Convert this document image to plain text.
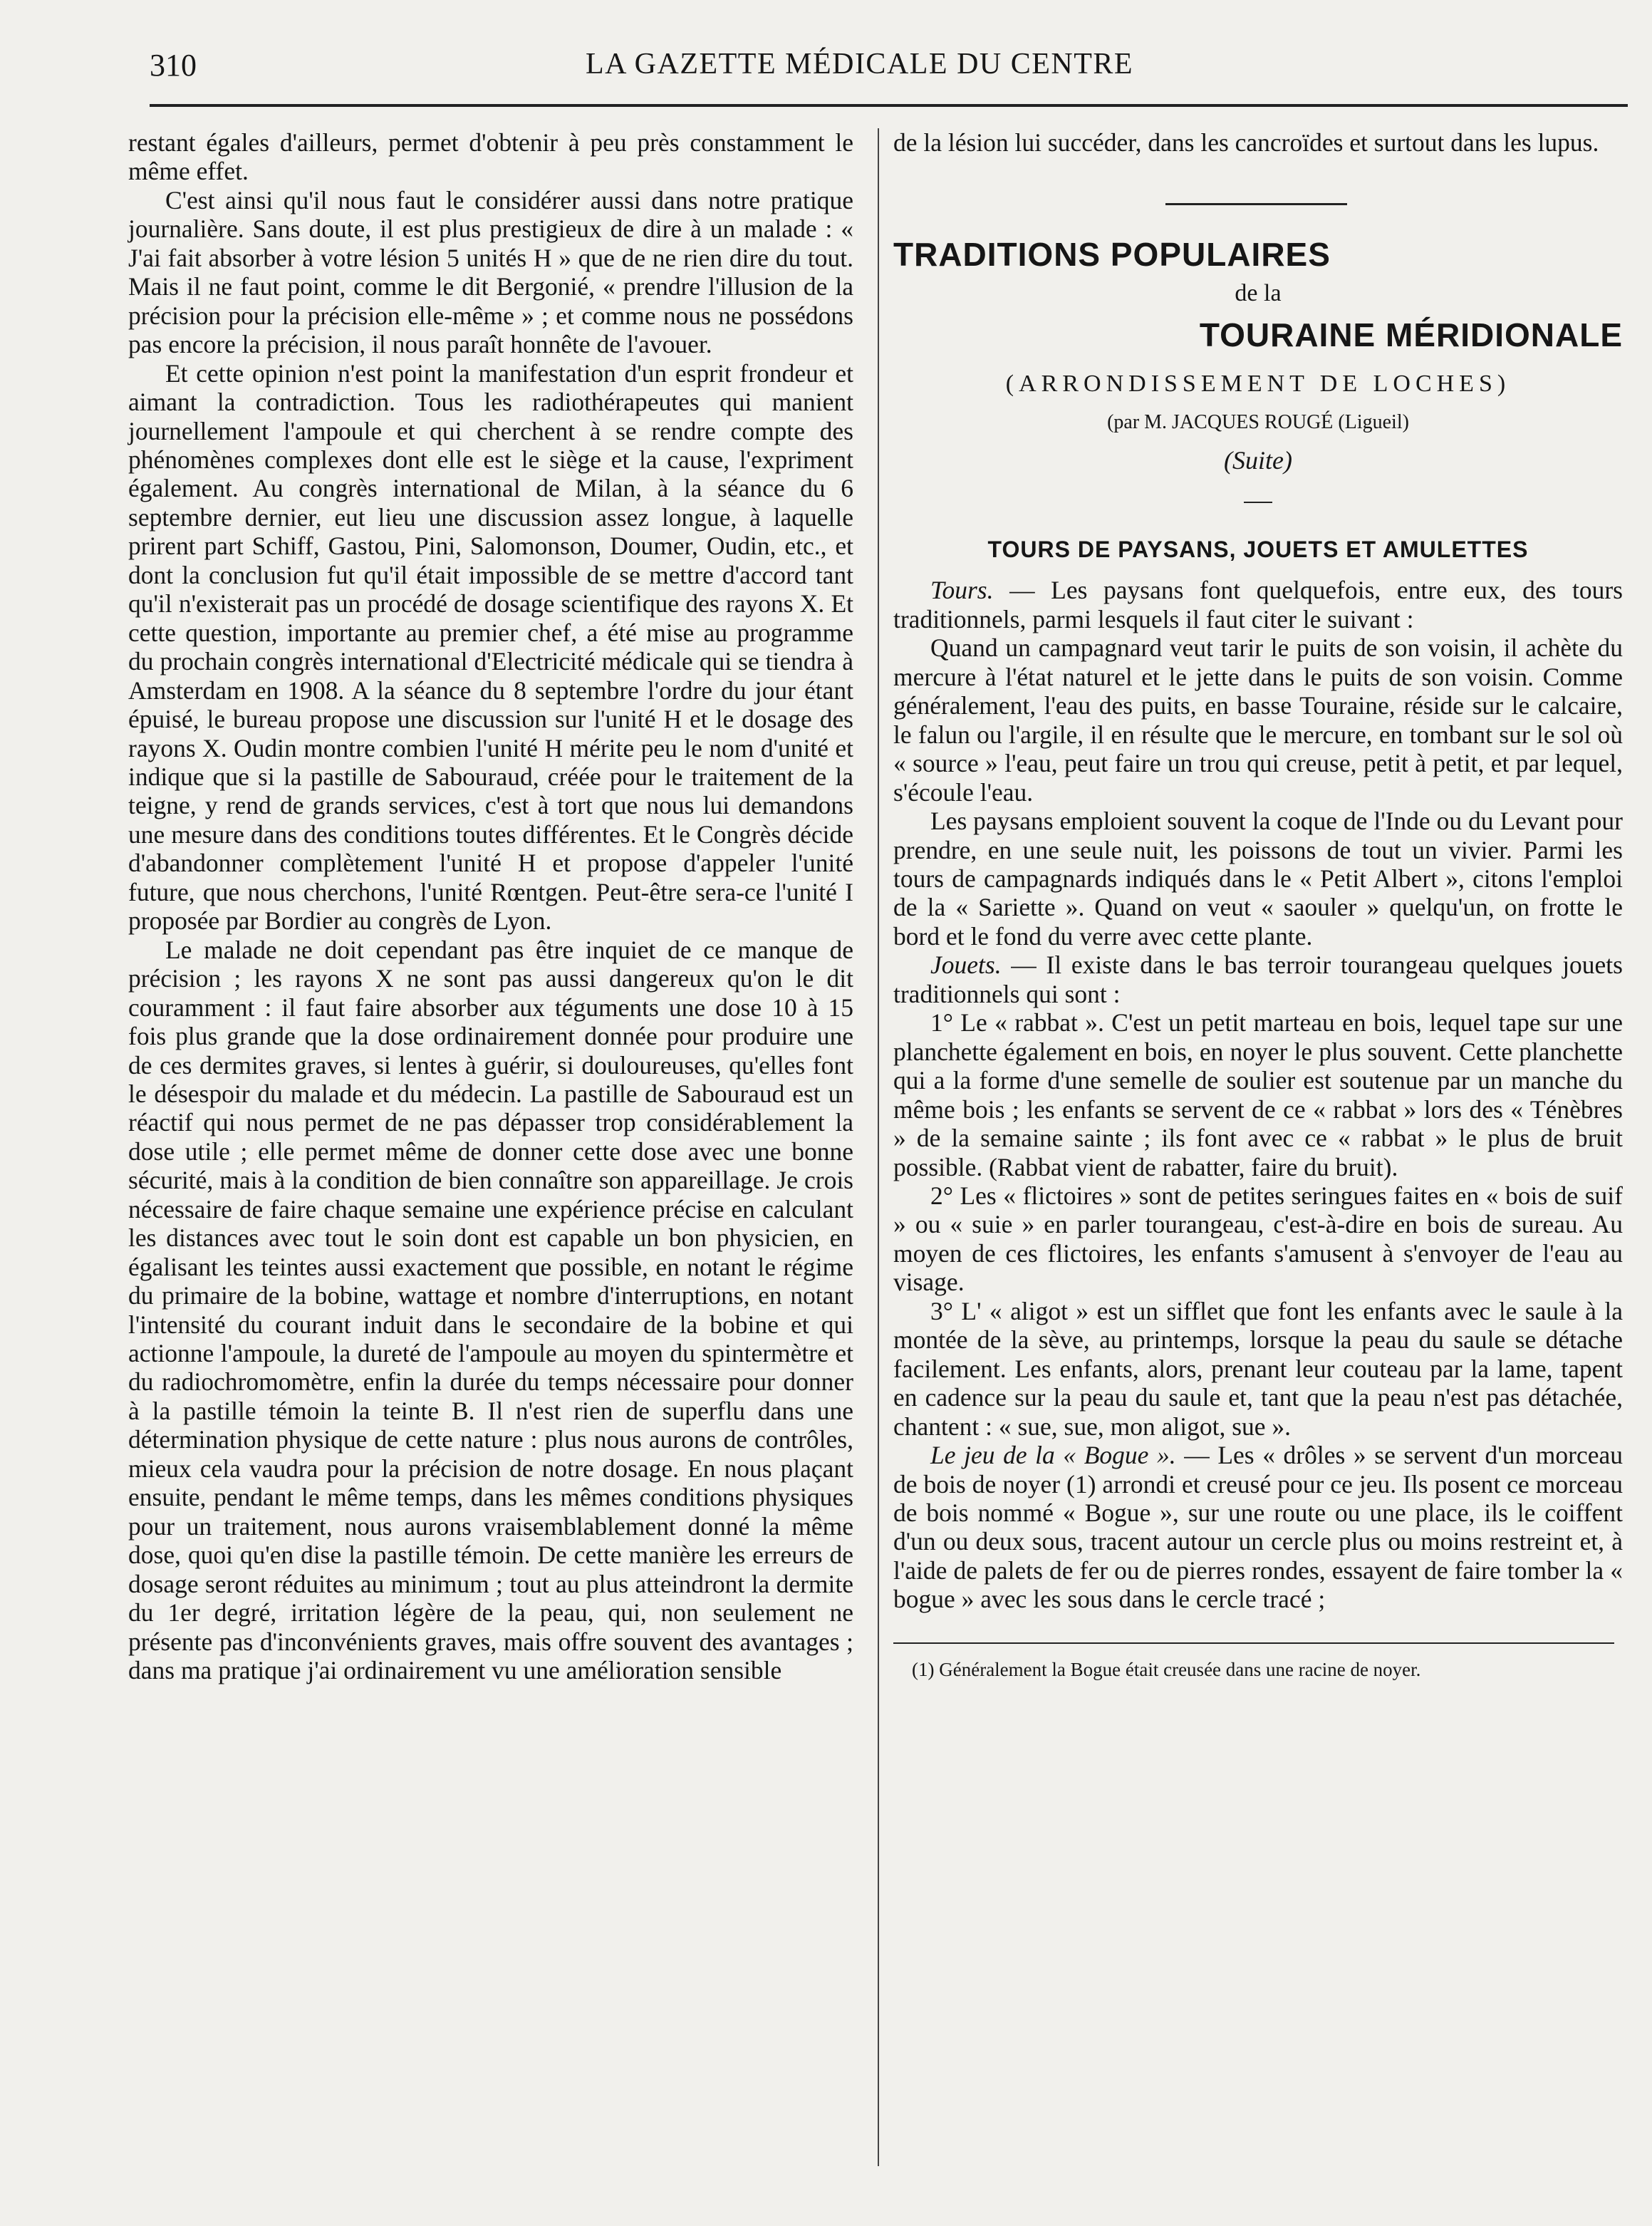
310	LA GAZETTE MÉDICALE DU CENTRE

restant égales d'ailleurs, permet d'obtenir à peu près constamment le même effet.

C'est ainsi qu'il nous faut le considérer aussi dans notre pratique journalière. Sans doute, il est plus prestigieux de dire à un malade : « J'ai fait absorber à votre lésion 5 unités H » que de ne rien dire du tout. Mais il ne faut point, comme le dit Bergonié, « prendre l'illusion de la précision pour la précision elle-même » ; et comme nous ne possédons pas encore la précision, il nous paraît honnête de l'avouer.

Et cette opinion n'est point la manifestation d'un esprit frondeur et aimant la contradiction. Tous les radiothérapeutes qui manient journellement l'ampoule et qui cherchent à se rendre compte des phénomènes complexes dont elle est le siège et la cause, l'expriment également. Au congrès international de Milan, à la séance du 6 septembre dernier, eut lieu une discussion assez longue, à laquelle prirent part Schiff, Gastou, Pini, Salomonson, Doumer, Oudin, etc., et dont la conclusion fut qu'il était impossible de se mettre d'accord tant qu'il n'existerait pas un procédé de dosage scientifique des rayons X. Et cette question, importante au premier chef, a été mise au programme du prochain congrès international d'Electricité médicale qui se tiendra à Amsterdam en 1908. A la séance du 8 septembre l'ordre du jour étant épuisé, le bureau propose une discussion sur l'unité H et le dosage des rayons X. Oudin montre combien l'unité H mérite peu le nom d'unité et indique que si la pastille de Sabouraud, créée pour le traitement de la teigne, y rend de grands services, c'est à tort que nous lui demandons une mesure dans des conditions toutes différentes. Et le Congrès décide d'abandonner complètement l'unité H et propose d'appeler l'unité future, que nous cherchons, l'unité Rœntgen. Peut-être sera-ce l'unité I proposée par Bordier au congrès de Lyon.

Le malade ne doit cependant pas être inquiet de ce manque de précision ; les rayons X ne sont pas aussi dangereux qu'on le dit couramment : il faut faire absorber aux téguments une dose 10 à 15 fois plus grande que la dose ordinairement donnée pour produire une de ces dermites graves, si lentes à guérir, si douloureuses, qu'elles font le désespoir du malade et du médecin. La pastille de Sabouraud est un réactif qui nous permet de ne pas dépasser trop considérablement la dose utile ; elle permet même de donner cette dose avec une bonne sécurité, mais à la condition de bien connaître son appareillage. Je crois nécessaire de faire chaque semaine une expérience précise en calculant les distances avec tout le soin dont est capable un bon physicien, en égalisant les teintes aussi exactement que possible, en notant le régime du primaire de la bobine, wattage et nombre d'interruptions, en notant l'intensité du courant induit dans le secondaire de la bobine et qui actionne l'ampoule, la dureté de l'ampoule au moyen du spintermètre et du radiochromomètre, enfin la durée du temps nécessaire pour donner à la pastille témoin la teinte B. Il n'est rien de superflu dans une détermination physique de cette nature : plus nous aurons de contrôles, mieux cela vaudra pour la précision de notre dosage. En nous plaçant ensuite, pendant le même temps, dans les mêmes conditions physiques pour un traitement, nous aurons vraisemblablement donné la même dose, quoi qu'en dise la pastille témoin. De cette manière les erreurs de dosage seront réduites au minimum ; tout au plus atteindront la dermite du 1er degré, irritation légère de la peau, qui, non seulement ne présente pas d'inconvénients graves, mais offre souvent des avantages ; dans ma pratique j'ai ordinairement vu une amélioration sensible

de la lésion lui succéder, dans les cancroïdes et surtout dans les lupus.

TRADITIONS POPULAIRES
de la
TOURAINE MÉRIDIONALE
(ARRONDISSEMENT DE LOCHES)
(par M. JACQUES ROUGÉ (Ligueil)
(Suite)
TOURS DE PAYSANS, JOUETS ET AMULETTES

Tours. — Les paysans font quelquefois, entre eux, des tours traditionnels, parmi lesquels il faut citer le suivant :

Quand un campagnard veut tarir le puits de son voisin, il achète du mercure à l'état naturel et le jette dans le puits de son voisin. Comme généralement, l'eau des puits, en basse Touraine, réside sur le calcaire, le falun ou l'argile, il en résulte que le mercure, en tombant sur le sol où « source » l'eau, peut faire un trou qui creuse, petit à petit, et par lequel, s'écoule l'eau.

Les paysans emploient souvent la coque de l'Inde ou du Levant pour prendre, en une seule nuit, les poissons de tout un vivier. Parmi les tours de campagnards indiqués dans le « Petit Albert », citons l'emploi de la « Sariette ». Quand on veut « saouler » quelqu'un, on frotte le bord et le fond du verre avec cette plante.

Jouets. — Il existe dans le bas terroir tourangeau quelques jouets traditionnels qui sont :

1° Le « rabbat ». C'est un petit marteau en bois, lequel tape sur une planchette également en bois, en noyer le plus souvent. Cette planchette qui a la forme d'une semelle de soulier est soutenue par un manche du même bois ; les enfants se servent de ce « rabbat » lors des « Ténèbres » de la semaine sainte ; ils font avec ce « rabbat » le plus de bruit possible. (Rabbat vient de rabatter, faire du bruit).

2° Les « flictoires » sont de petites seringues faites en « bois de suif » ou « suie » en parler tourangeau, c'est-à-dire en bois de sureau. Au moyen de ces flictoires, les enfants s'amusent à s'envoyer de l'eau au visage.

3° L' « aligot » est un sifflet que font les enfants avec le saule à la montée de la sève, au printemps, lorsque la peau du saule se détache facilement. Les enfants, alors, prenant leur couteau par la lame, tapent en cadence sur la peau du saule et, tant que la peau n'est pas détachée, chantent : « sue, sue, mon aligot, sue ».

Le jeu de la « Bogue ». — Les « drôles » se servent d'un morceau de bois de noyer (1) arrondi et creusé pour ce jeu. Ils posent ce morceau de bois nommé « Bogue », sur une route ou une place, ils le coiffent d'un ou deux sous, tracent autour un cercle plus ou moins restreint et, à l'aide de palets de fer ou de pierres rondes, essayent de faire tomber la « bogue » avec les sous dans le cercle tracé ;

(1) Généralement la Bogue était creusée dans une racine de noyer.
